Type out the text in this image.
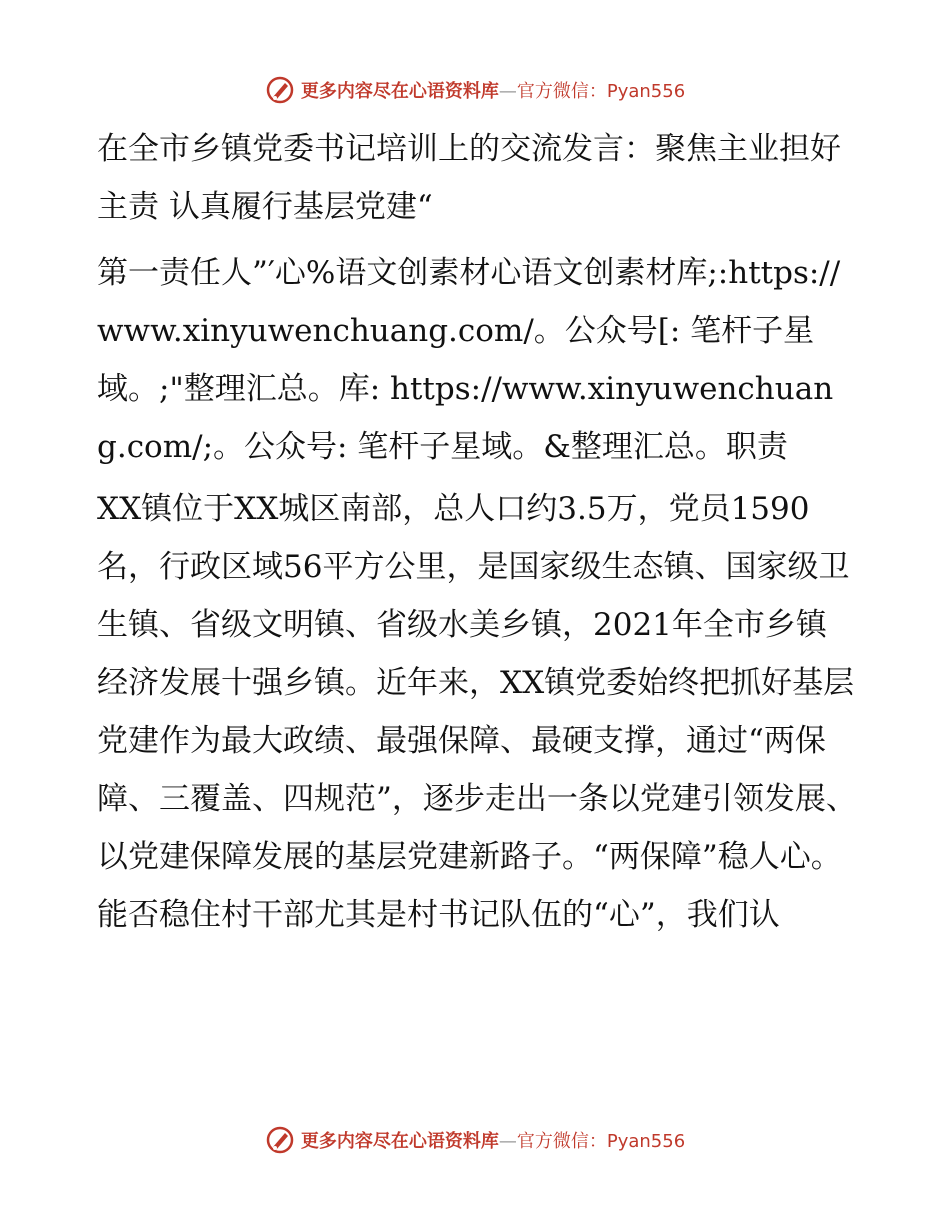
更多内容尽在心语资料库 —官方微信：Pyan556

在全市乡镇党委书记培训上的交流发言：聚焦主业担好主责 认真履行基层党建“

第一责任人”′心%语文创素材心语文创素材库;:https://www.xinyuwenchuang.com/。公众号[: 笔杆子星域。;"整理汇总。库: https://www.xinyuwenchuang.com/;。公众号: 笔杆子星域。&整理汇总。职责

XX镇位于XX城区南部，总人口约3.5万，党员1590名，行政区域56平方公里，是国家级生态镇、国家级卫生镇、省级文明镇、省级水美乡镇，2021年全市乡镇经济发展十强乡镇。近年来，XX镇党委始终把抓好基层党建作为最大政绩、最强保障、最硬支撑，通过“两保障、三覆盖、四规范”，逐步走出一条以党建引领发展、以党建保障发展的基层党建新路子。“两保障”稳人心。能否稳住村干部尤其是村书记队伍的“心”，我们认

更多内容尽在心语资料库 —官方微信：Pyan556
